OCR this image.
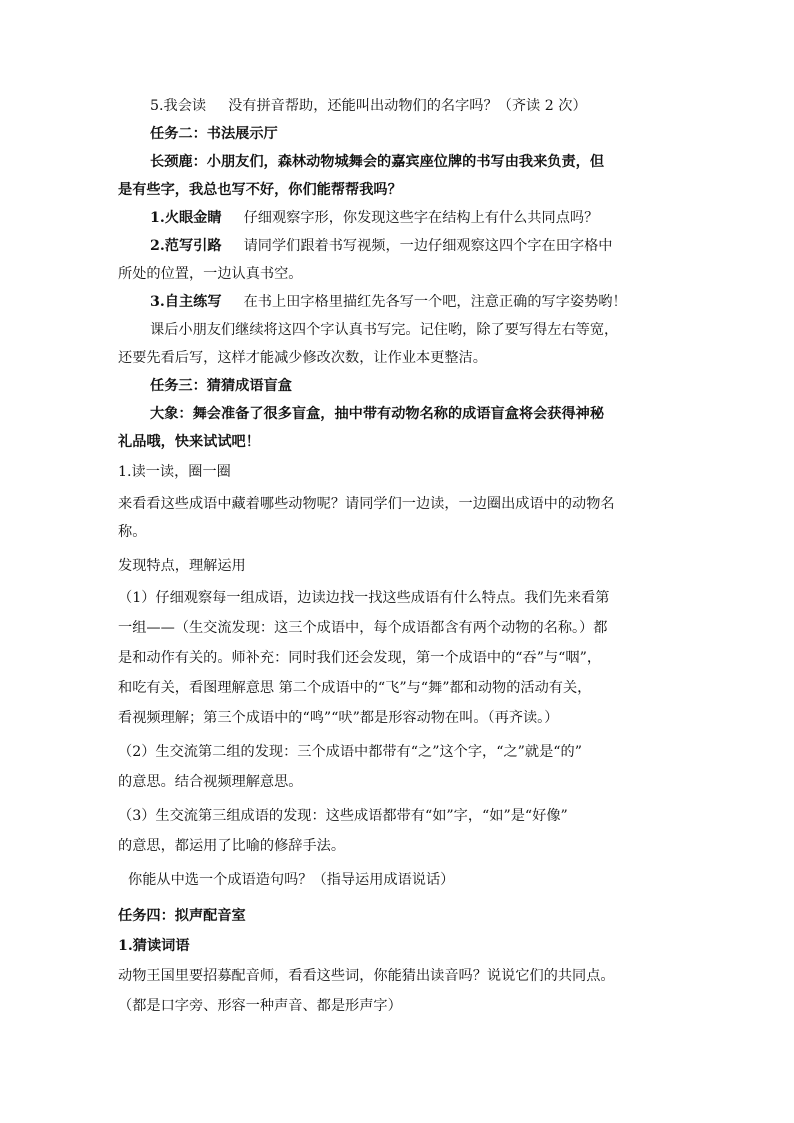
5.我会读 没有拼音帮助，还能叫出动物们的名字吗？（齐读 2 次）
任务二：书法展示厅
长颈鹿：小朋友们，森林动物城舞会的嘉宾座位牌的书写由我来负责，但
是有些字，我总也写不好，你们能帮帮我吗？
1.火眼金睛 仔细观察字形，你发现这些字在结构上有什么共同点吗？
2.范写引路 请同学们跟着书写视频，一边仔细观察这四个字在田字格中
所处的位置，一边认真书空。
3.自主练写 在书上田字格里描红先各写一个吧，注意正确的写字姿势哟！
课后小朋友们继续将这四个字认真书写完。记住哟，除了要写得左右等宽，
还要先看后写，这样才能减少修改次数，让作业本更整洁。
任务三：猜猜成语盲盒
大象：舞会准备了很多盲盒，抽中带有动物名称的成语盲盒将会获得神秘
礼品哦，快来试试吧！
1.读一读，圈一圈
来看看这些成语中藏着哪些动物呢？请同学们一边读，一边圈出成语中的动物名
称。
发现特点，理解运用
（1）仔细观察每一组成语，边读边找一找这些成语有什么特点。我们先来看第
一组——（生交流发现：这三个成语中，每个成语都含有两个动物的名称。）都
是和动作有关的。师补充：同时我们还会发现，第一个成语中的“吞”与“咽”，
和吃有关，看图理解意思 第二个成语中的“飞”与“舞”都和动物的活动有关，
看视频理解；第三个成语中的“鸣”“吠”都是形容动物在叫。（再齐读。）
（2）生交流第二组的发现：三个成语中都带有“之”这个字，“之”就是“的”
的意思。结合视频理解意思。
（3）生交流第三组成语的发现：这些成语都带有“如”字，“如”是“好像”
的意思，都运用了比喻的修辞手法。
你能从中选一个成语造句吗？（指导运用成语说话）
任务四：拟声配音室
1.猜读词语
动物王国里要招募配音师，看看这些词，你能猜出读音吗？说说它们的共同点。
（都是口字旁、形容一种声音、都是形声字）
